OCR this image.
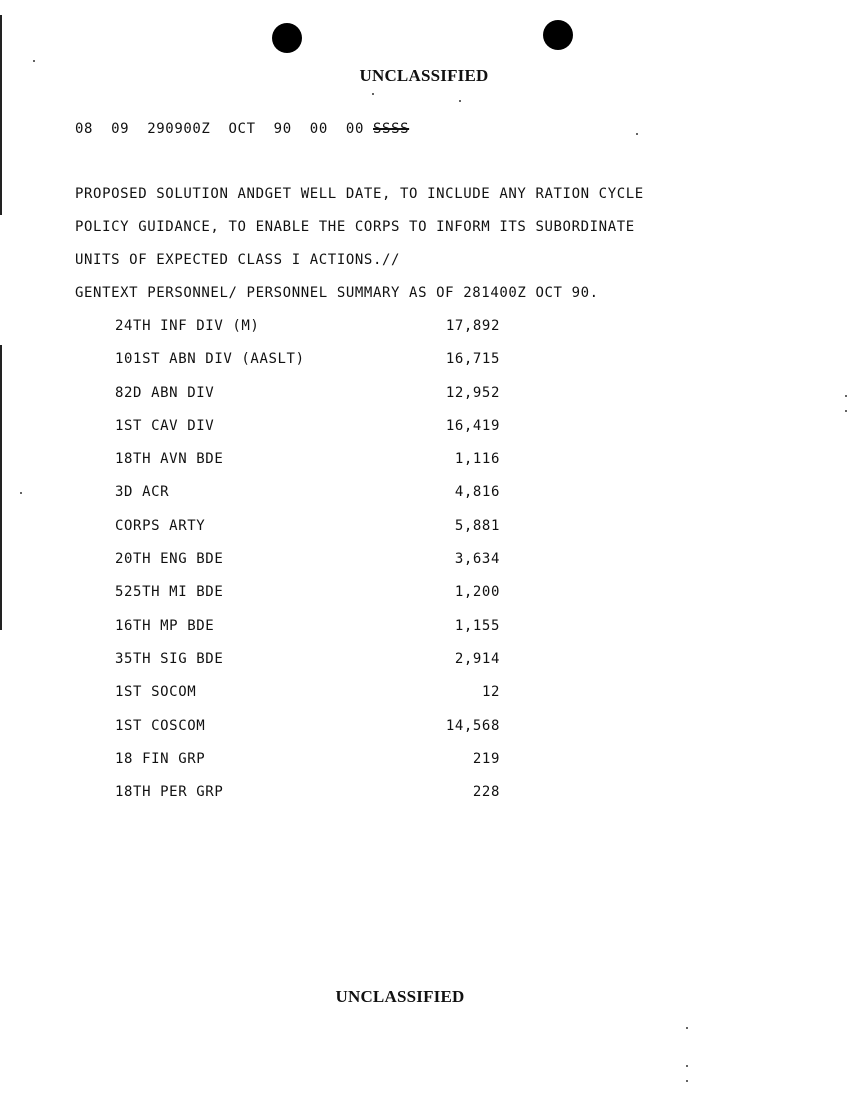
UNCLASSIFIED
08 09 290900Z OCT 90 00 00 SSSS
PROPOSED SOLUTION ANDGET WELL DATE, TO INCLUDE ANY RATION CYCLE
POLICY GUIDANCE, TO ENABLE THE CORPS TO INFORM ITS SUBORDINATE
UNITS OF EXPECTED CLASS I ACTIONS.//
GENTEXT PERSONNEL/ PERSONNEL SUMMARY AS OF 281400Z OCT 90.
24TH INF DIV (M)	17,892
101ST ABN DIV (AASLT)	16,715
82D ABN DIV	12,952
1ST CAV DIV	16,419
18TH AVN BDE	1,116
3D ACR	4,816
CORPS ARTY	5,881
20TH ENG BDE	3,634
525TH MI BDE	1,200
16TH MP BDE	1,155
35TH SIG BDE	2,914
1ST SOCOM	12
1ST COSCOM	14,568
18 FIN GRP	219
18TH PER GRP	228
UNCLASSIFIED
